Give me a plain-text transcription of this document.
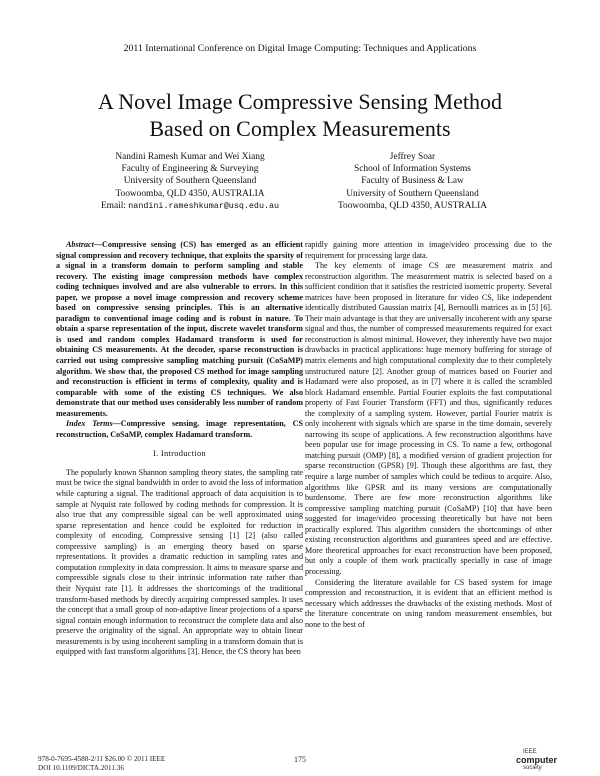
2011 International Conference on Digital Image Computing: Techniques and Applications
A Novel Image Compressive Sensing Method
Based on Complex Measurements
Nandini Ramesh Kumar and Wei Xiang
Faculty of Engineering & Surveying
University of Southern Queensland
Toowoomba, QLD 4350, AUSTRALIA
Email: nandini.rameshkumar@usq.edu.au
Jeffrey Soar
School of Information Systems
Faculty of Business & Law
University of Southern Queensland
Toowoomba, QLD 4350, AUSTRALIA

Abstract—Compressive sensing (CS) has emerged as an efficient signal compression and recovery technique, that exploits the sparsity of a signal in a transform domain to perform sampling and stable recovery. The existing image compression methods have complex coding techniques involved and are also vulnerable to errors. In this paper, we propose a novel image compression and recovery scheme based on compressive sensing principles. This is an alternative paradigm to conventional image coding and is robust in nature. To obtain a sparse representation of the input, discrete wavelet transform is used and random complex Hadamard transform is used for obtaining CS measurements. At the decoder, sparse reconstruction is carried out using compressive sampling matching pursuit (CoSaMP) algorithm. We show that, the proposed CS method for image sampling and reconstruction is efficient in terms of complexity, quality and is comparable with some of the existing CS techniques. We also demonstrate that our method uses considerably less number of random measurements.

Index Terms—Compressive sensing, image representation, CS reconstruction, CoSaMP, complex Hadamard transform.

I. Introduction

The popularly known Shannon sampling theory states, the sampling rate must be twice the signal bandwidth in order to avoid the loss of information while capturing a signal. The traditional approach of data acquisition is to sample at Nyquist rate followed by coding methods for compression. It is also true that any compressible signal can be well approximated using sparse representation and hence could be exploited for reduction in complexity of encoding. Compressive sensing [1] [2] (also called compressive sampling) is an emerging theory based on sparse representations. It provides a dramatic reduction in sampling rates and computation complexity in data compression. It aims to measure sparse and compressible signals close to their intrinsic information rate rather than their Nyquist rate [1]. It addresses the shortcomings of the traditional transform-based methods by directly acquiring compressed samples. It uses the concept that a small group of non-adaptive linear projections of a sparse signal contain enough information to reconstruct the complete data and also preserve the originality of the signal. An appropriate way to obtain linear measurements is by using incoherent sampling in a transform domain that is equipped with fast transform algorithms [3]. Hence, the CS theory has been

rapidly gaining more attention in image/video processing due to the requirement for processing large data.

The key elements of image CS are measurement matrix and reconstruction algorithm. The measurement matrix is selected based on a sufficient condition that it satisfies the restricted isometric property. Several matrices have been proposed in literature for video CS, like independent identically distributed Gaussian matrix [4], Bernoulli matrices as in [5] [6]. Their main advantage is that they are universally incoherent with any sparse signal and thus, the number of compressed measurements required for exact reconstruction is almost minimal. However, they inherently have two major drawbacks in practical applications: huge memory buffering for storage of matrix elements and high computational complexity due to their completely unstructured nature [2]. Another group of matrices based on Fourier and Hadamard were also proposed, as in [7] where it is called the scrambled block Hadamard ensemble. Partial Fourier exploits the fast computational property of Fast Fourier Transform (FFT) and thus, significantly reduces the complexity of a sampling system. However, partial Fourier matrix is only incoherent with signals which are sparse in the time domain, severely narrowing its scope of applications. A few reconstruction algorithms have been popular use for image processing in CS. To name a few, orthogonal matching pursuit (OMP) [8], a modified version of gradient projection for sparse reconstruction (GPSR) [9]. Though these algorithms are fast, they require a large number of samples which could be tedious to acquire. Also, algorithms like GPSR and its many versions are computationally burdensome. There are few more reconstruction algorithms like compressive sampling matching pursuit (CoSaMP) [10] that have been suggested for image/video processing theoretically but have not been practically explored. This algorithm considers the shortcomings of other existing reconstruction algorithms and guarantees speed and are effective. More theoretical approaches for exact reconstruction have been proposed, but only a couple of them work practically specially in case of image processing.

Considering the literature available for CS based system for image compression and reconstruction, it is evident that an efficient method is necessary which addresses the drawbacks of the existing methods. Most of the literature concentrate on using random measurement ensembles, but none to the best of

978-0-7695-4588-2/11 $26.00 © 2011 IEEE
DOI 10.1109/DICTA.2011.36
175
IEEE
computer
society
